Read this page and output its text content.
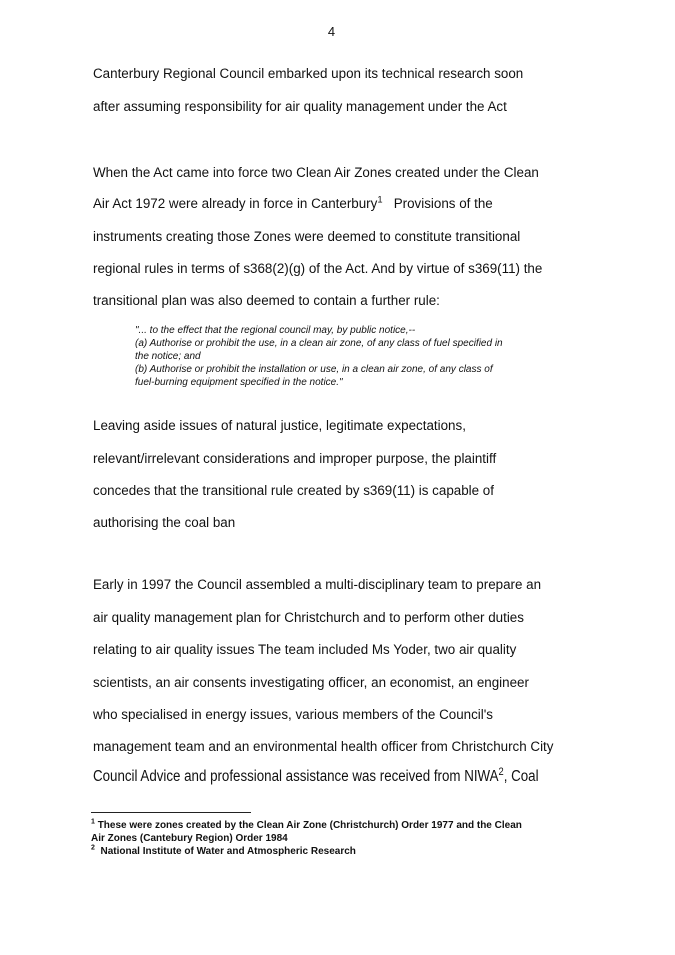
4
Canterbury Regional Council embarked upon its technical research soon
after assuming responsibility for air quality management under the Act
When the Act came into force two Clean Air Zones created under the Clean
Air Act 1972 were already in force in Canterbury$^1$ Provisions of the
instruments creating those Zones were deemed to constitute transitional
regional rules in terms of s368(2)(g) of the Act. And by virtue of s369(11) the
transitional plan was also deemed to contain a further rule:
"... to the effect that the regional council may, by public notice,--
(a) Authorise or prohibit the use, in a clean air zone, of any class of fuel specified in
the notice; and
(b) Authorise or prohibit the installation or use, in a clean air zone, of any class of
fuel-burning equipment specified in the notice."
Leaving aside issues of natural justice, legitimate expectations,
relevant/irrelevant considerations and improper purpose, the plaintiff
concedes that the transitional rule created by s369(11) is capable of
authorising the coal ban
Early in 1997 the Council assembled a multi-disciplinary team to prepare an
air quality management plan for Christchurch and to perform other duties
relating to air quality issues The team included Ms Yoder, two air quality
scientists, an air consents investigating officer, an economist, an engineer
who specialised in energy issues, various members of the Council's
management team and an environmental health officer from Christchurch City
Council Advice and professional assistance was received from NIWA$^2$, Coal
$^1$ These were zones created by the Clean Air Zone (Christchurch) Order 1977 and the Clean
Air Zones (Cantebury Region) Order 1984
$^2$ National Institute of Water and Atmospheric Research
